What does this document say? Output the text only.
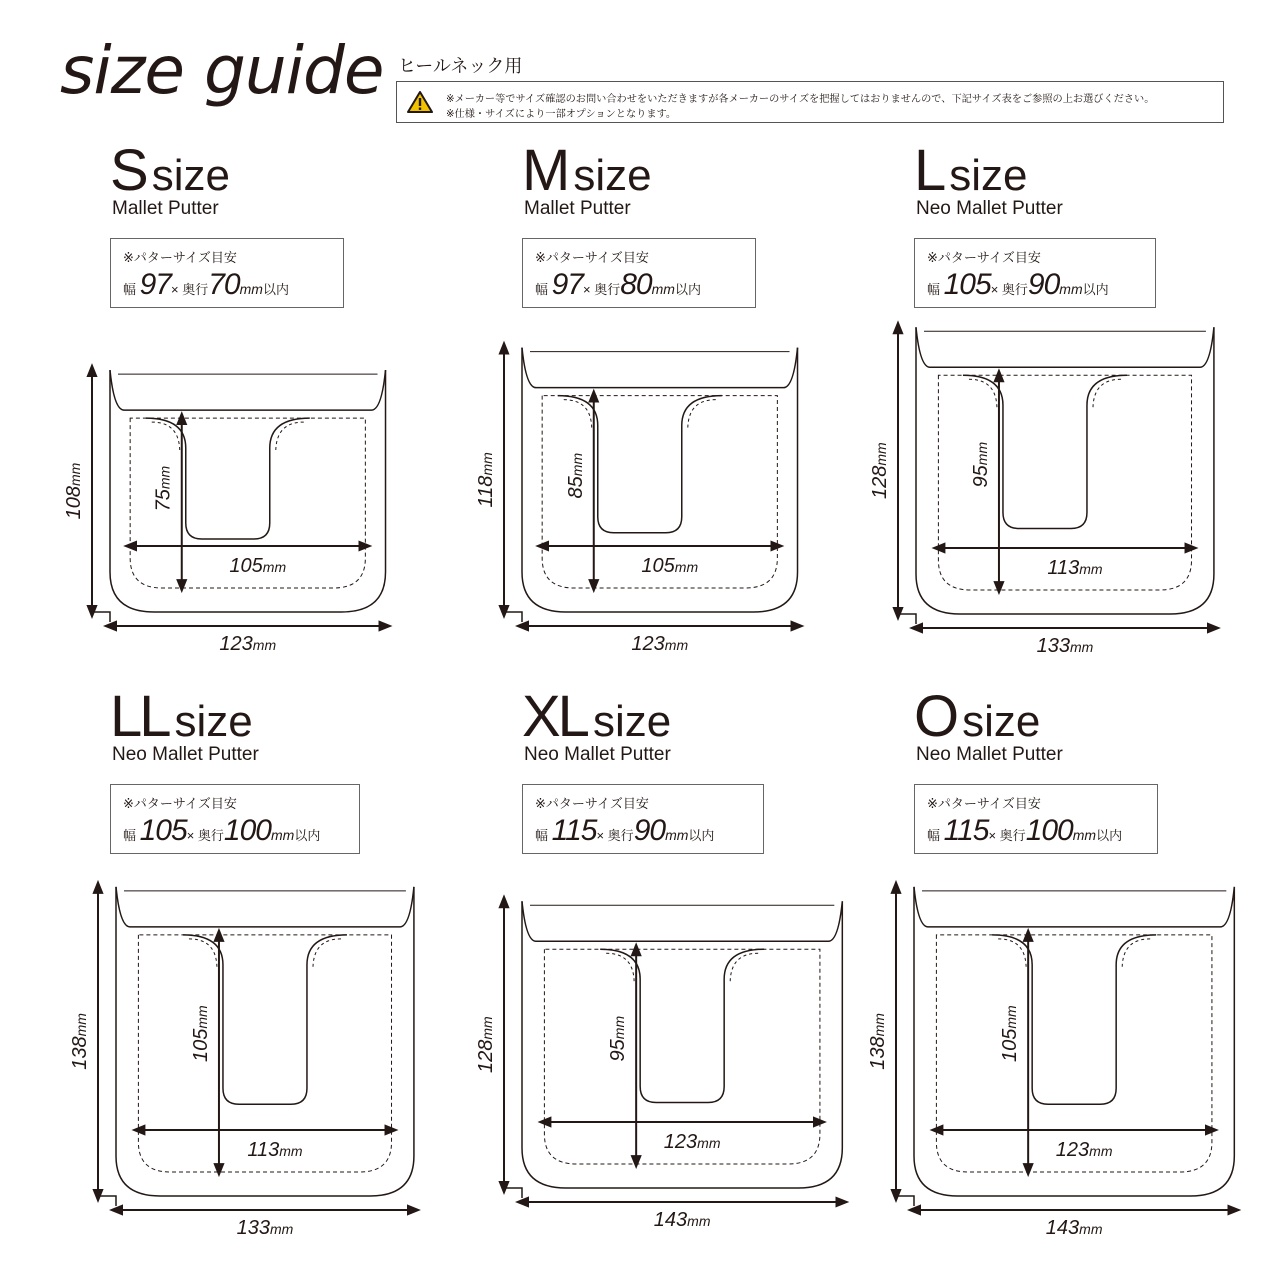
size guide ヒールネック用
※メーカー等でサイズ確認のお問い合わせをいただきますが各メーカーのサイズを把握してはおりませんので、下記サイズ表をご参照の上お選びください。
※仕様・サイズにより一部オプションとなります。
S size
Mallet Putter
※パターサイズ目安
幅 97× 奥行70mm以内
108mm
75mm
105mm
123mm
M size
Mallet Putter
※パターサイズ目安
幅 97× 奥行80mm以内
118mm
85mm
105mm
123mm
L size
Neo Mallet Putter
※パターサイズ目安
幅 105× 奥行90mm以内
128mm
95mm
113mm
133mm
LL size
Neo Mallet Putter
※パターサイズ目安
幅 105× 奥行100mm以内
138mm
105mm
113mm
133mm
XL size
Neo Mallet Putter
※パターサイズ目安
幅 115× 奥行90mm以内
128mm
95mm
123mm
143mm
O size
Neo Mallet Putter
※パターサイズ目安
幅 115× 奥行100mm以内
138mm
105mm
123mm
143mm
